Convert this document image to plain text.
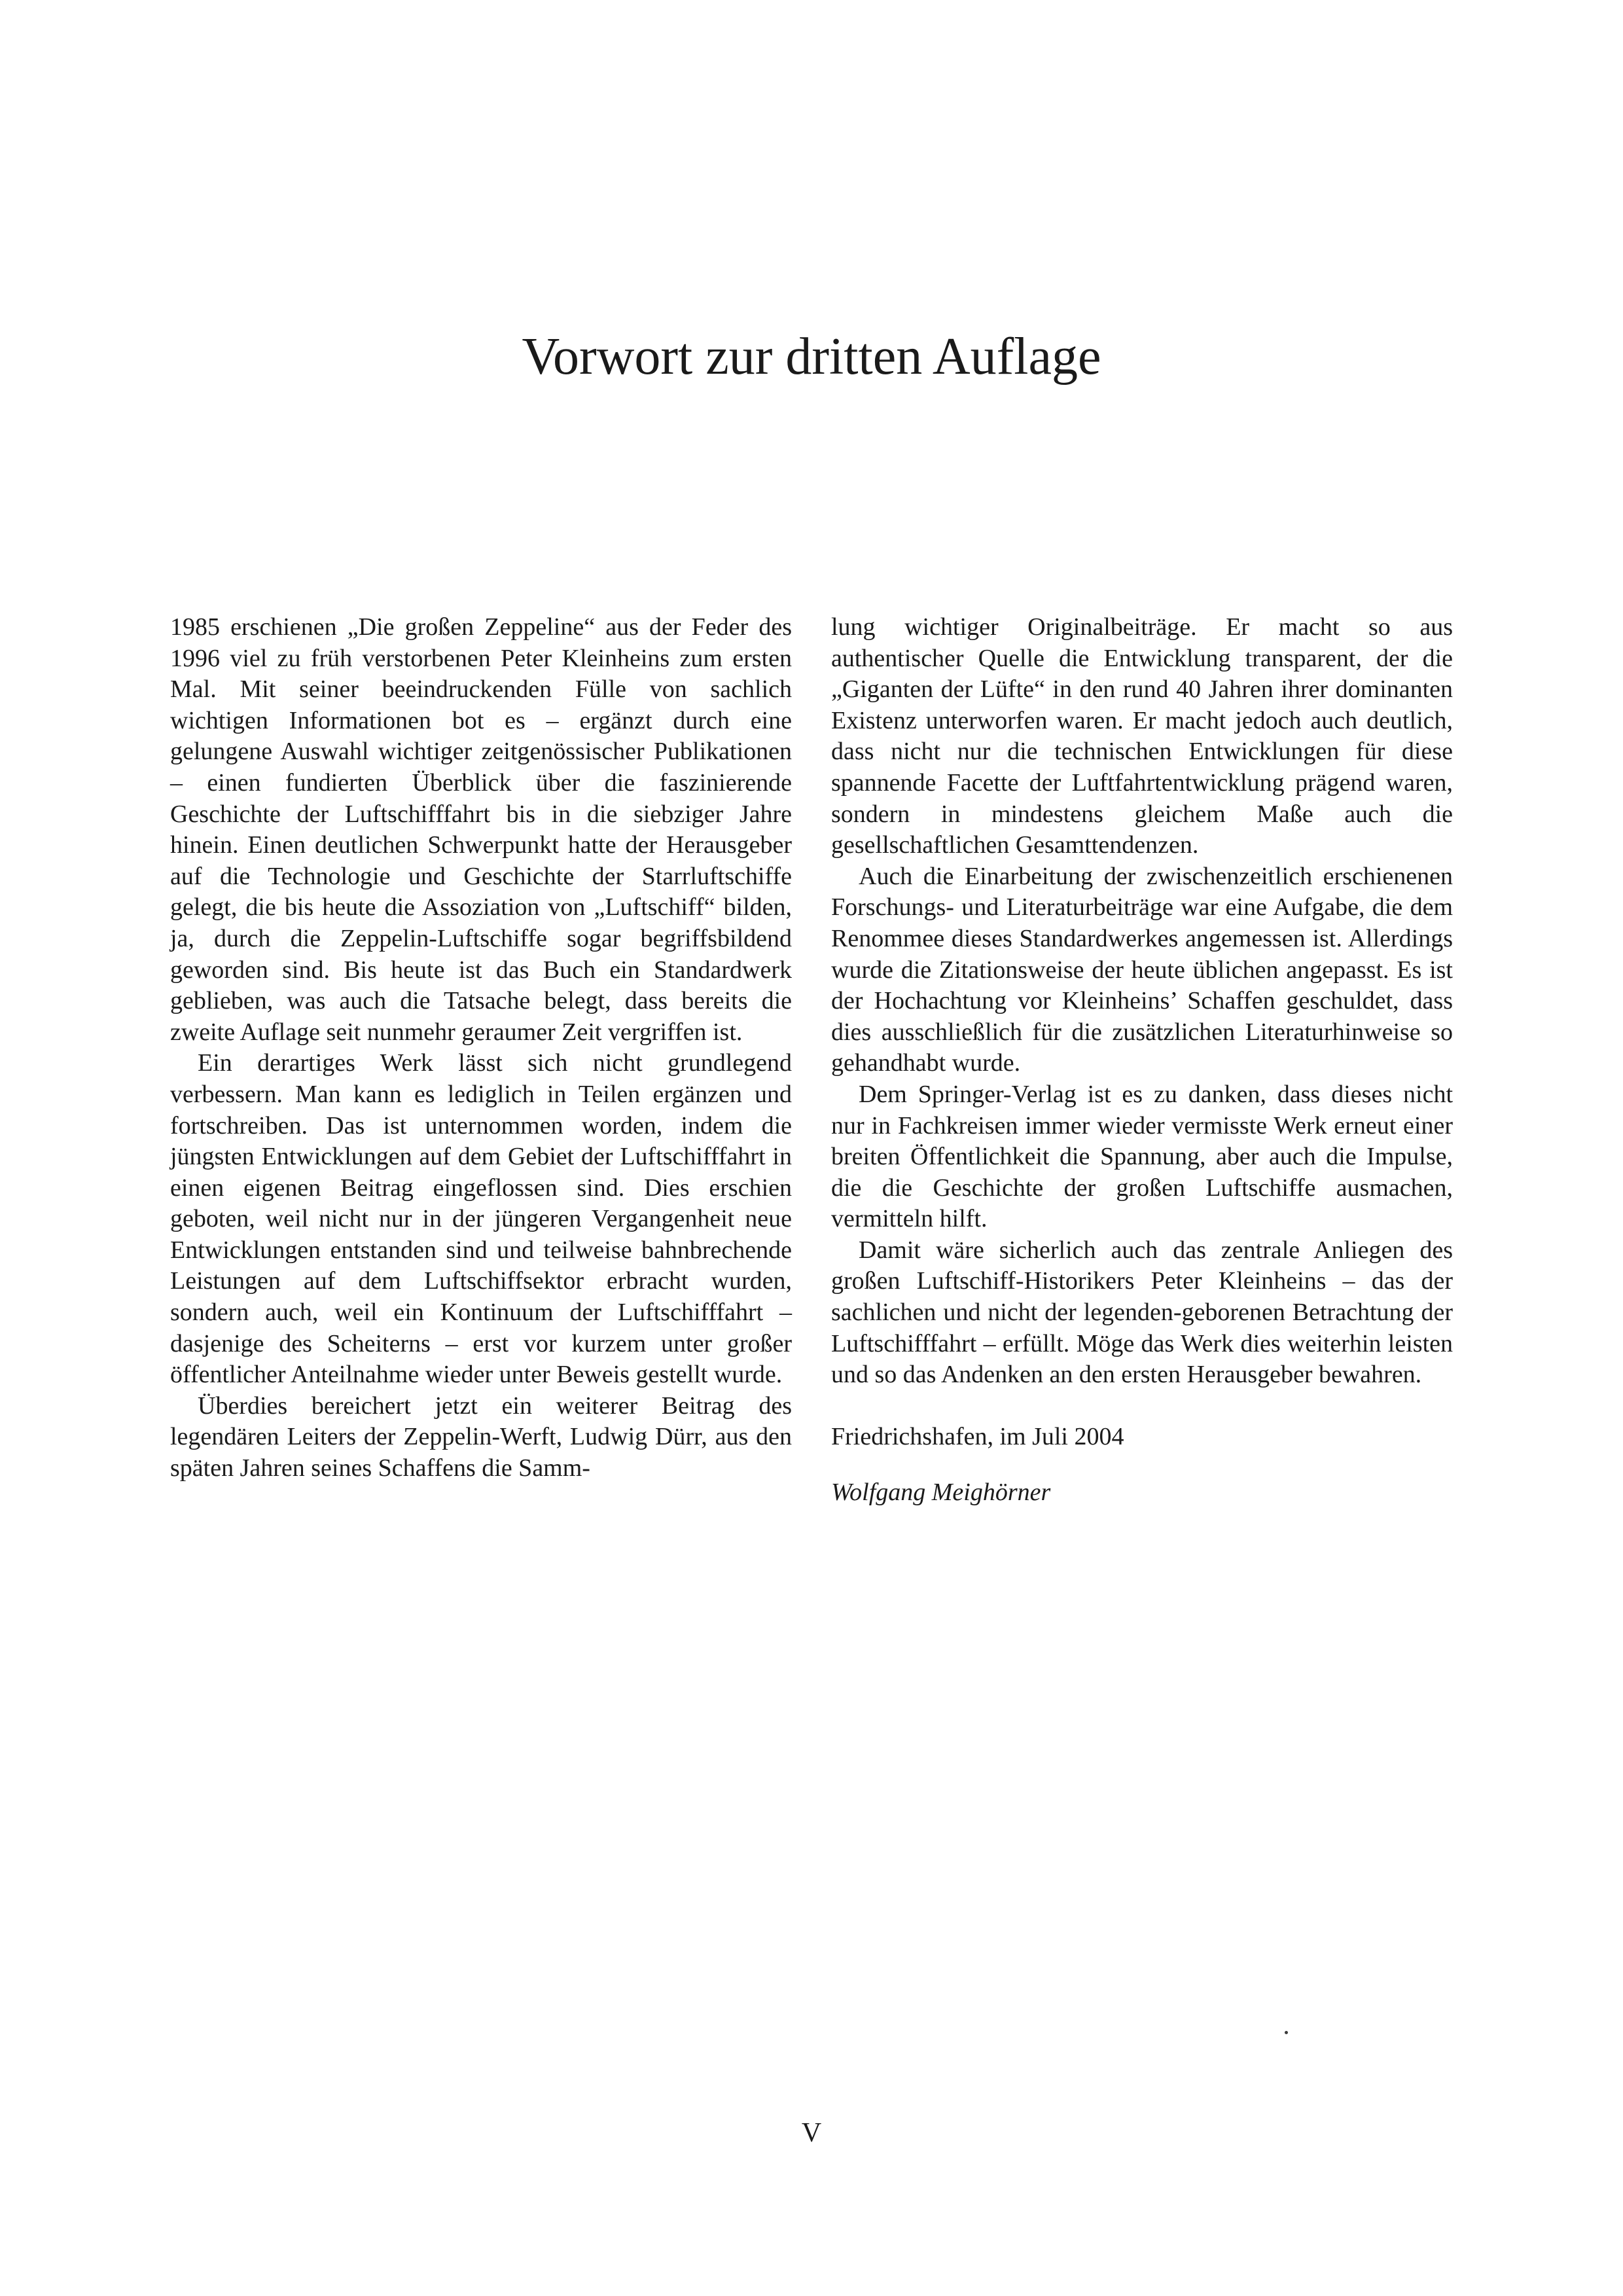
Vorwort zur dritten Auflage

1985 erschienen „Die großen Zeppeline“ aus der Feder des 1996 viel zu früh verstorbenen Peter Kleinheins zum ersten Mal. Mit seiner beeindruckenden Fülle von sachlich wichtigen Informationen bot es – ergänzt durch eine gelungene Auswahl wichtiger zeitgenössischer Publikationen – einen fundierten Überblick über die faszinierende Geschichte der Luftschifffahrt bis in die siebziger Jahre hinein. Einen deutlichen Schwerpunkt hatte der Herausgeber auf die Technologie und Geschichte der Starrluftschiffe gelegt, die bis heute die Assoziation von „Luftschiff“ bilden, ja, durch die Zeppelin-Luftschiffe sogar begriffsbildend geworden sind. Bis heute ist das Buch ein Standardwerk geblieben, was auch die Tatsache belegt, dass bereits die zweite Auflage seit nunmehr geraumer Zeit vergriffen ist.

Ein derartiges Werk lässt sich nicht grundlegend verbessern. Man kann es lediglich in Teilen ergänzen und fortschreiben. Das ist unternommen worden, indem die jüngsten Entwicklungen auf dem Gebiet der Luftschifffahrt in einen eigenen Beitrag eingeflossen sind. Dies erschien geboten, weil nicht nur in der jüngeren Vergangenheit neue Entwicklungen entstanden sind und teilweise bahnbrechende Leistungen auf dem Luftschiffsektor erbracht wurden, sondern auch, weil ein Kontinuum der Luftschifffahrt – dasjenige des Scheiterns – erst vor kurzem unter großer öffentlicher Anteilnahme wieder unter Beweis gestellt wurde.

Überdies bereichert jetzt ein weiterer Beitrag des legendären Leiters der Zeppelin-Werft, Ludwig Dürr, aus den späten Jahren seines Schaffens die Samm-

lung wichtiger Originalbeiträge. Er macht so aus authentischer Quelle die Entwicklung transparent, der die „Giganten der Lüfte“ in den rund 40 Jahren ihrer dominanten Existenz unterworfen waren. Er macht jedoch auch deutlich, dass nicht nur die technischen Entwicklungen für diese spannende Facette der Luftfahrtentwicklung prägend waren, sondern in mindestens gleichem Maße auch die gesellschaftlichen Gesamttendenzen.

Auch die Einarbeitung der zwischenzeitlich erschienenen Forschungs- und Literaturbeiträge war eine Aufgabe, die dem Renommee dieses Standardwerkes angemessen ist. Allerdings wurde die Zitationsweise der heute üblichen angepasst. Es ist der Hochachtung vor Kleinheins’ Schaffen geschuldet, dass dies ausschließlich für die zusätzlichen Literaturhinweise so gehandhabt wurde.

Dem Springer-Verlag ist es zu danken, dass dieses nicht nur in Fachkreisen immer wieder vermisste Werk erneut einer breiten Öffentlichkeit die Spannung, aber auch die Impulse, die die Geschichte der großen Luftschiffe ausmachen, vermitteln hilft.

Damit wäre sicherlich auch das zentrale Anliegen des großen Luftschiff-Historikers Peter Kleinheins – das der sachlichen und nicht der legenden-geborenen Betrachtung der Luftschifffahrt – erfüllt. Möge das Werk dies weiterhin leisten und so das Andenken an den ersten Herausgeber bewahren.

Friedrichshafen, im Juli 2004

Wolfgang Meighörner

V
